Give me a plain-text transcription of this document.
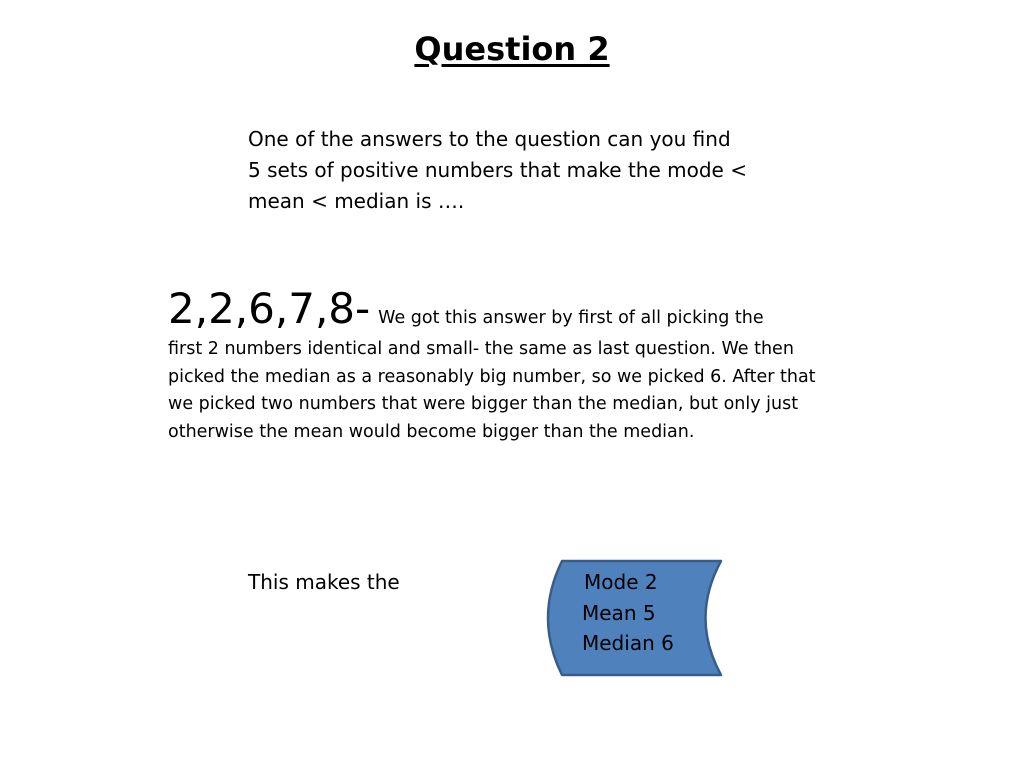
Question 2
One of the answers to the question can you find
5 sets of positive numbers that make the mode <
mean < median is ….
2,2,6,7,8- We got this answer by first of all picking the
first 2 numbers identical and small- the same as last question. We then
picked the median as a reasonably big number, so we picked 6. After that
we picked two numbers that were bigger than the median, but only just
otherwise the mean would become bigger than the median.
This makes the	Mode 2
Mean 5
Median 6
